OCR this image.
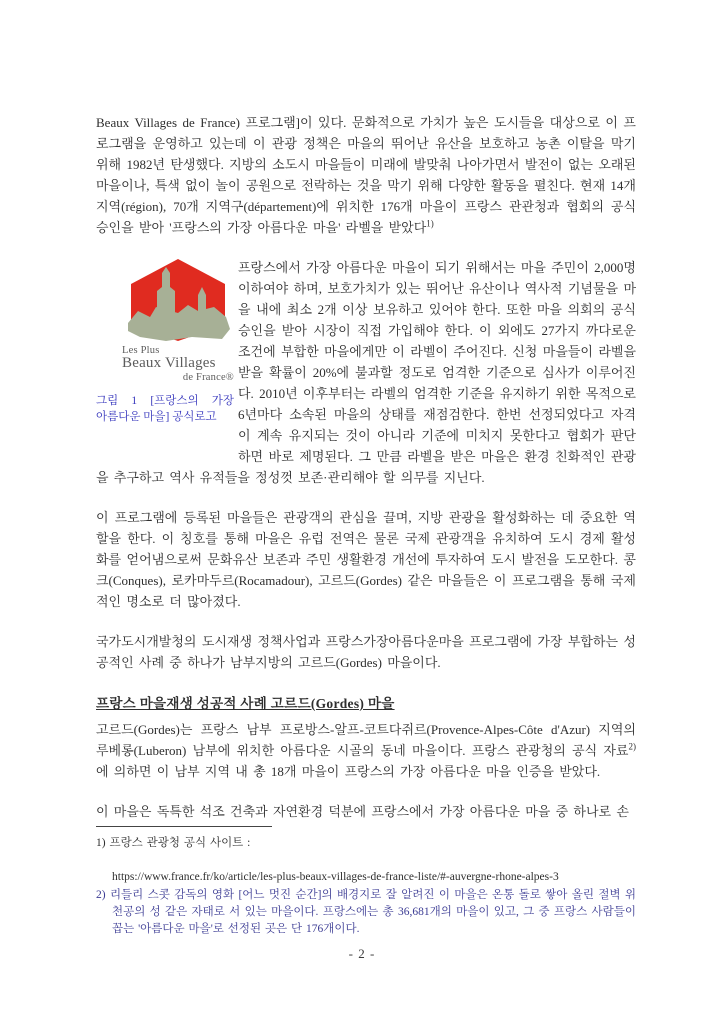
Beaux Villages de France) 프로그램]이 있다. 문화적으로 가치가 높은 도시들을 대상으로 이 프로그램을 운영하고 있는데 이 관광 정책은 마을의 뛰어난 유산을 보호하고 농촌 이탈을 막기 위해 1982년 탄생했다. 지방의 소도시 마을들이 미래에 발맞춰 나아가면서 발전이 없는 오래된 마을이나, 특색 없이 놀이 공원으로 전락하는 것을 막기 위해 다양한 활동을 펼친다. 현재 14개 지역(région), 70개 지역구(département)에 위치한 176개 마을이 프랑스 관관청과 협회의 공식 승인을 받아 '프랑스의 가장 아름다운 마을' 라벨을 받았다$^{1)}$

Les Plus
Beaux Villages
de France®
그림 1 [프랑스의 가장 아름다운 마을] 공식로고

프랑스에서 가장 아름다운 마을이 되기 위해서는 마을 주민이 2,000명 이하여야 하며, 보호가치가 있는 뛰어난 유산이나 역사적 기념물을 마을 내에 최소 2개 이상 보유하고 있어야 한다. 또한 마을 의회의 공식 승인을 받아 시장이 직접 가입해야 한다. 이 외에도 27가지 까다로운 조건에 부합한 마을에게만 이 라벨이 주어진다. 신청 마을들이 라벨을 받을 확률이 20%에 불과할 정도로 엄격한 기준으로 심사가 이루어진다. 2010년 이후부터는 라벨의 엄격한 기준을 유지하기 위한 목적으로 6년마다 소속된 마을의 상태를 재점검한다. 한번 선정되었다고 자격이 계속 유지되는 것이 아니라 기준에 미치지 못한다고 협회가 판단하면 바로 제명된다. 그 만큼 라벨을 받은 마을은 환경 친화적인 관광을 추구하고 역사 유적들을 정성껏 보존·관리해야 할 의무를 지닌다.

이 프로그램에 등록된 마을들은 관광객의 관심을 끌며, 지방 관광을 활성화하는 데 중요한 역할을 한다. 이 칭호를 통해 마을은 유럽 전역은 물론 국제 관광객을 유치하여 도시 경제 활성화를 얻어냄으로써 문화유산 보존과 주민 생활환경 개선에 투자하여 도시 발전을 도모한다. 콩크(Conques), 로카마두르(Rocamadour), 고르드(Gordes) 같은 마을들은 이 프로그램을 통해 국제적인 명소로 더 많아졌다.

국가도시개발청의 도시재생 정책사업과 프랑스가장아름다운마을 프로그램에 가장 부합하는 성공적인 사례 중 하나가 남부지방의 고르드(Gordes) 마을이다.

프랑스 마을재생 성공적 사례 고르드(Gordes) 마을

고르드(Gordes)는 프랑스 남부 프로방스-알프-코트다쥐르(Provence-Alpes-Côte d'Azur) 지역의 루베롱(Luberon) 남부에 위치한 아름다운 시골의 동네 마을이다. 프랑스 관광청의 공식 자료$^{2)}$에 의하면 이 남부 지역 내 총 18개 마을이 프랑스의 가장 아름다운 마을 인증을 받았다.

이 마을은 독특한 석조 건축과 자연환경 덕분에 프랑스에서 가장 아름다운 마을 중 하나로 손

1) 프랑스 관광청 공식 사이트 :
https://www.france.fr/ko/article/les-plus-beaux-villages-de-france-liste/#-auvergne-rhone-alpes-3
2) 리들리 스콧 감독의 영화 [어느 멋진 순간]의 배경지로 잘 알려진 이 마을은 온통 돌로 쌓아 올린 절벽 위 천공의 성 같은 자태로 서 있는 마을이다. 프랑스에는 총 36,681개의 마을이 있고, 그 중 프랑스 사람들이 꼽는 '아름다운 마을'로 선정된 곳은 단 176개이다.
- 2 -
